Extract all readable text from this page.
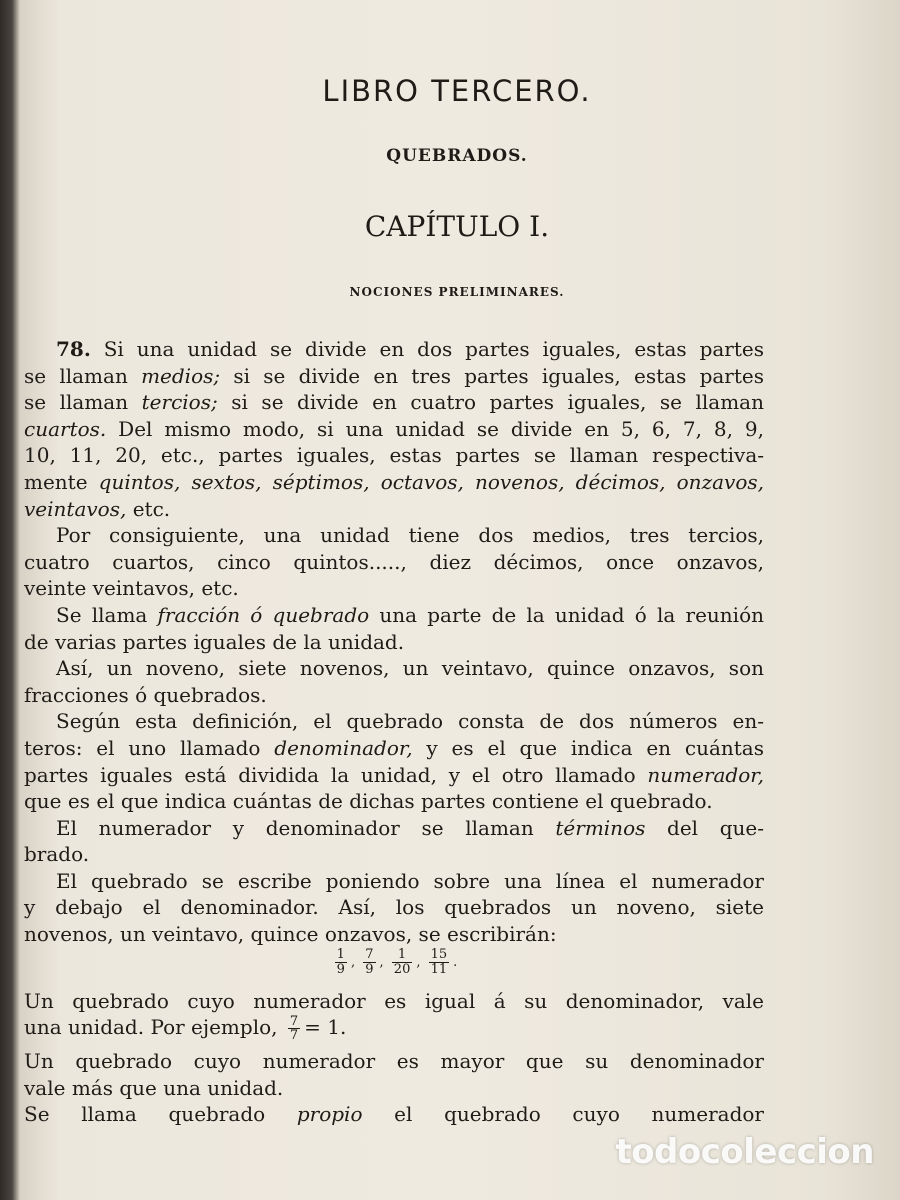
LIBRO TERCERO.
QUEBRADOS.
CAPÍTULO I.
NOCIONES PRELIMINARES.
78. Si una unidad se divide en dos partes iguales, estas partes
se llaman medios; si se divide en tres partes iguales, estas partes
se llaman tercios; si se divide en cuatro partes iguales, se llaman
cuartos. Del mismo modo, si una unidad se divide en 5, 6, 7, 8, 9,
10, 11, 20, etc., partes iguales, estas partes se llaman respectiva-
mente quintos, sextos, séptimos, octavos, novenos, décimos, onzavos,
veintavos, etc.
Por consiguiente, una unidad tiene dos medios, tres tercios,
cuatro cuartos, cinco quintos....., diez décimos, once onzavos,
veinte veintavos, etc.
Se llama fracción ó quebrado una parte de la unidad ó la reunión
de varias partes iguales de la unidad.
Así, un noveno, siete novenos, un veintavo, quince onzavos, son
fracciones ó quebrados.
Según esta definición, el quebrado consta de dos números en-
teros: el uno llamado denominador, y es el que indica en cuántas
partes iguales está dividida la unidad, y el otro llamado numerador,
que es el que indica cuántas de dichas partes contiene el quebrado.
El numerador y denominador se llaman términos del que-
brado.
El quebrado se escribe poniendo sobre una línea el numerador
y debajo el denominador. Así, los quebrados un noveno, siete
novenos, un veintavo, quince onzavos, se escribirán:
$\frac{1}{9}$ , $\frac{7}{9}$ , $\frac{1}{20}$ , $\frac{15}{11}$ .
Un quebrado cuyo numerador es igual á su denominador, vale
una unidad. Por ejemplo, $\frac{7}{7} = 1$.
Un quebrado cuyo numerador es mayor que su denominador
vale más que una unidad.
Se llama quebrado propio el quebrado cuyo numerador
todocoleccion
